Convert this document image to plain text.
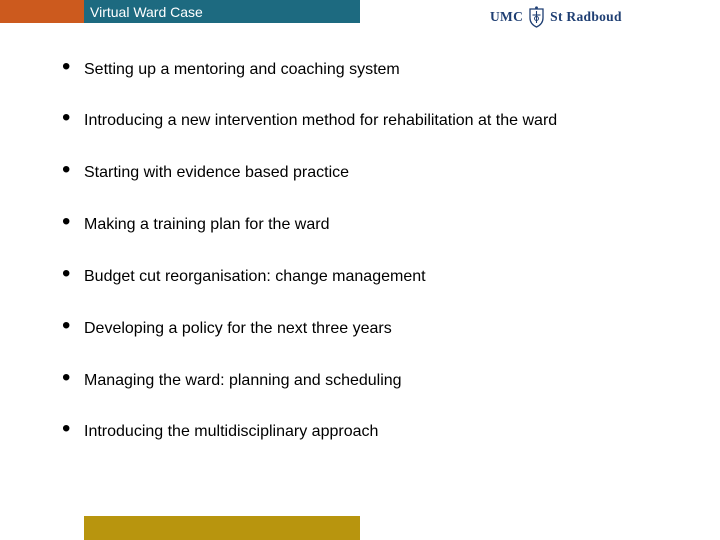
Virtual Ward Case	UMC St Radboud
• Setting up a mentoring and coaching system
• Introducing a new intervention method for rehabilitation at the ward
• Starting with evidence based practice
• Making a training plan for the ward
• Budget cut reorganisation: change management
• Developing a policy for the next three years
• Managing the ward: planning and scheduling
• Introducing the multidisciplinary approach
